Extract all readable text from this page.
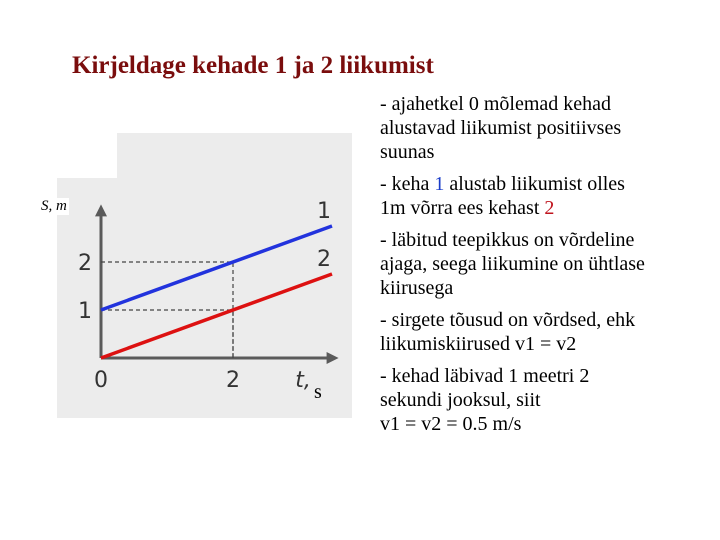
Kirjeldage kehade 1 ja 2 liikumist
1
2
1
2
0	2	t,
S, m
s
- ajahetkel 0 mõlemad kehad
alustavad liikumist positiivses
suunas
- keha 1 alustab liikumist olles
1m võrra ees kehast 2
- läbitud teepikkus on võrdeline
ajaga, seega liikumine on ühtlase
kiirusega
- sirgete tõusud on võrdsed, ehk
liikumiskiirused v1 = v2
- kehad läbivad 1 meetri 2
sekundi jooksul, siit
v1 = v2 = 0.5 m/s
